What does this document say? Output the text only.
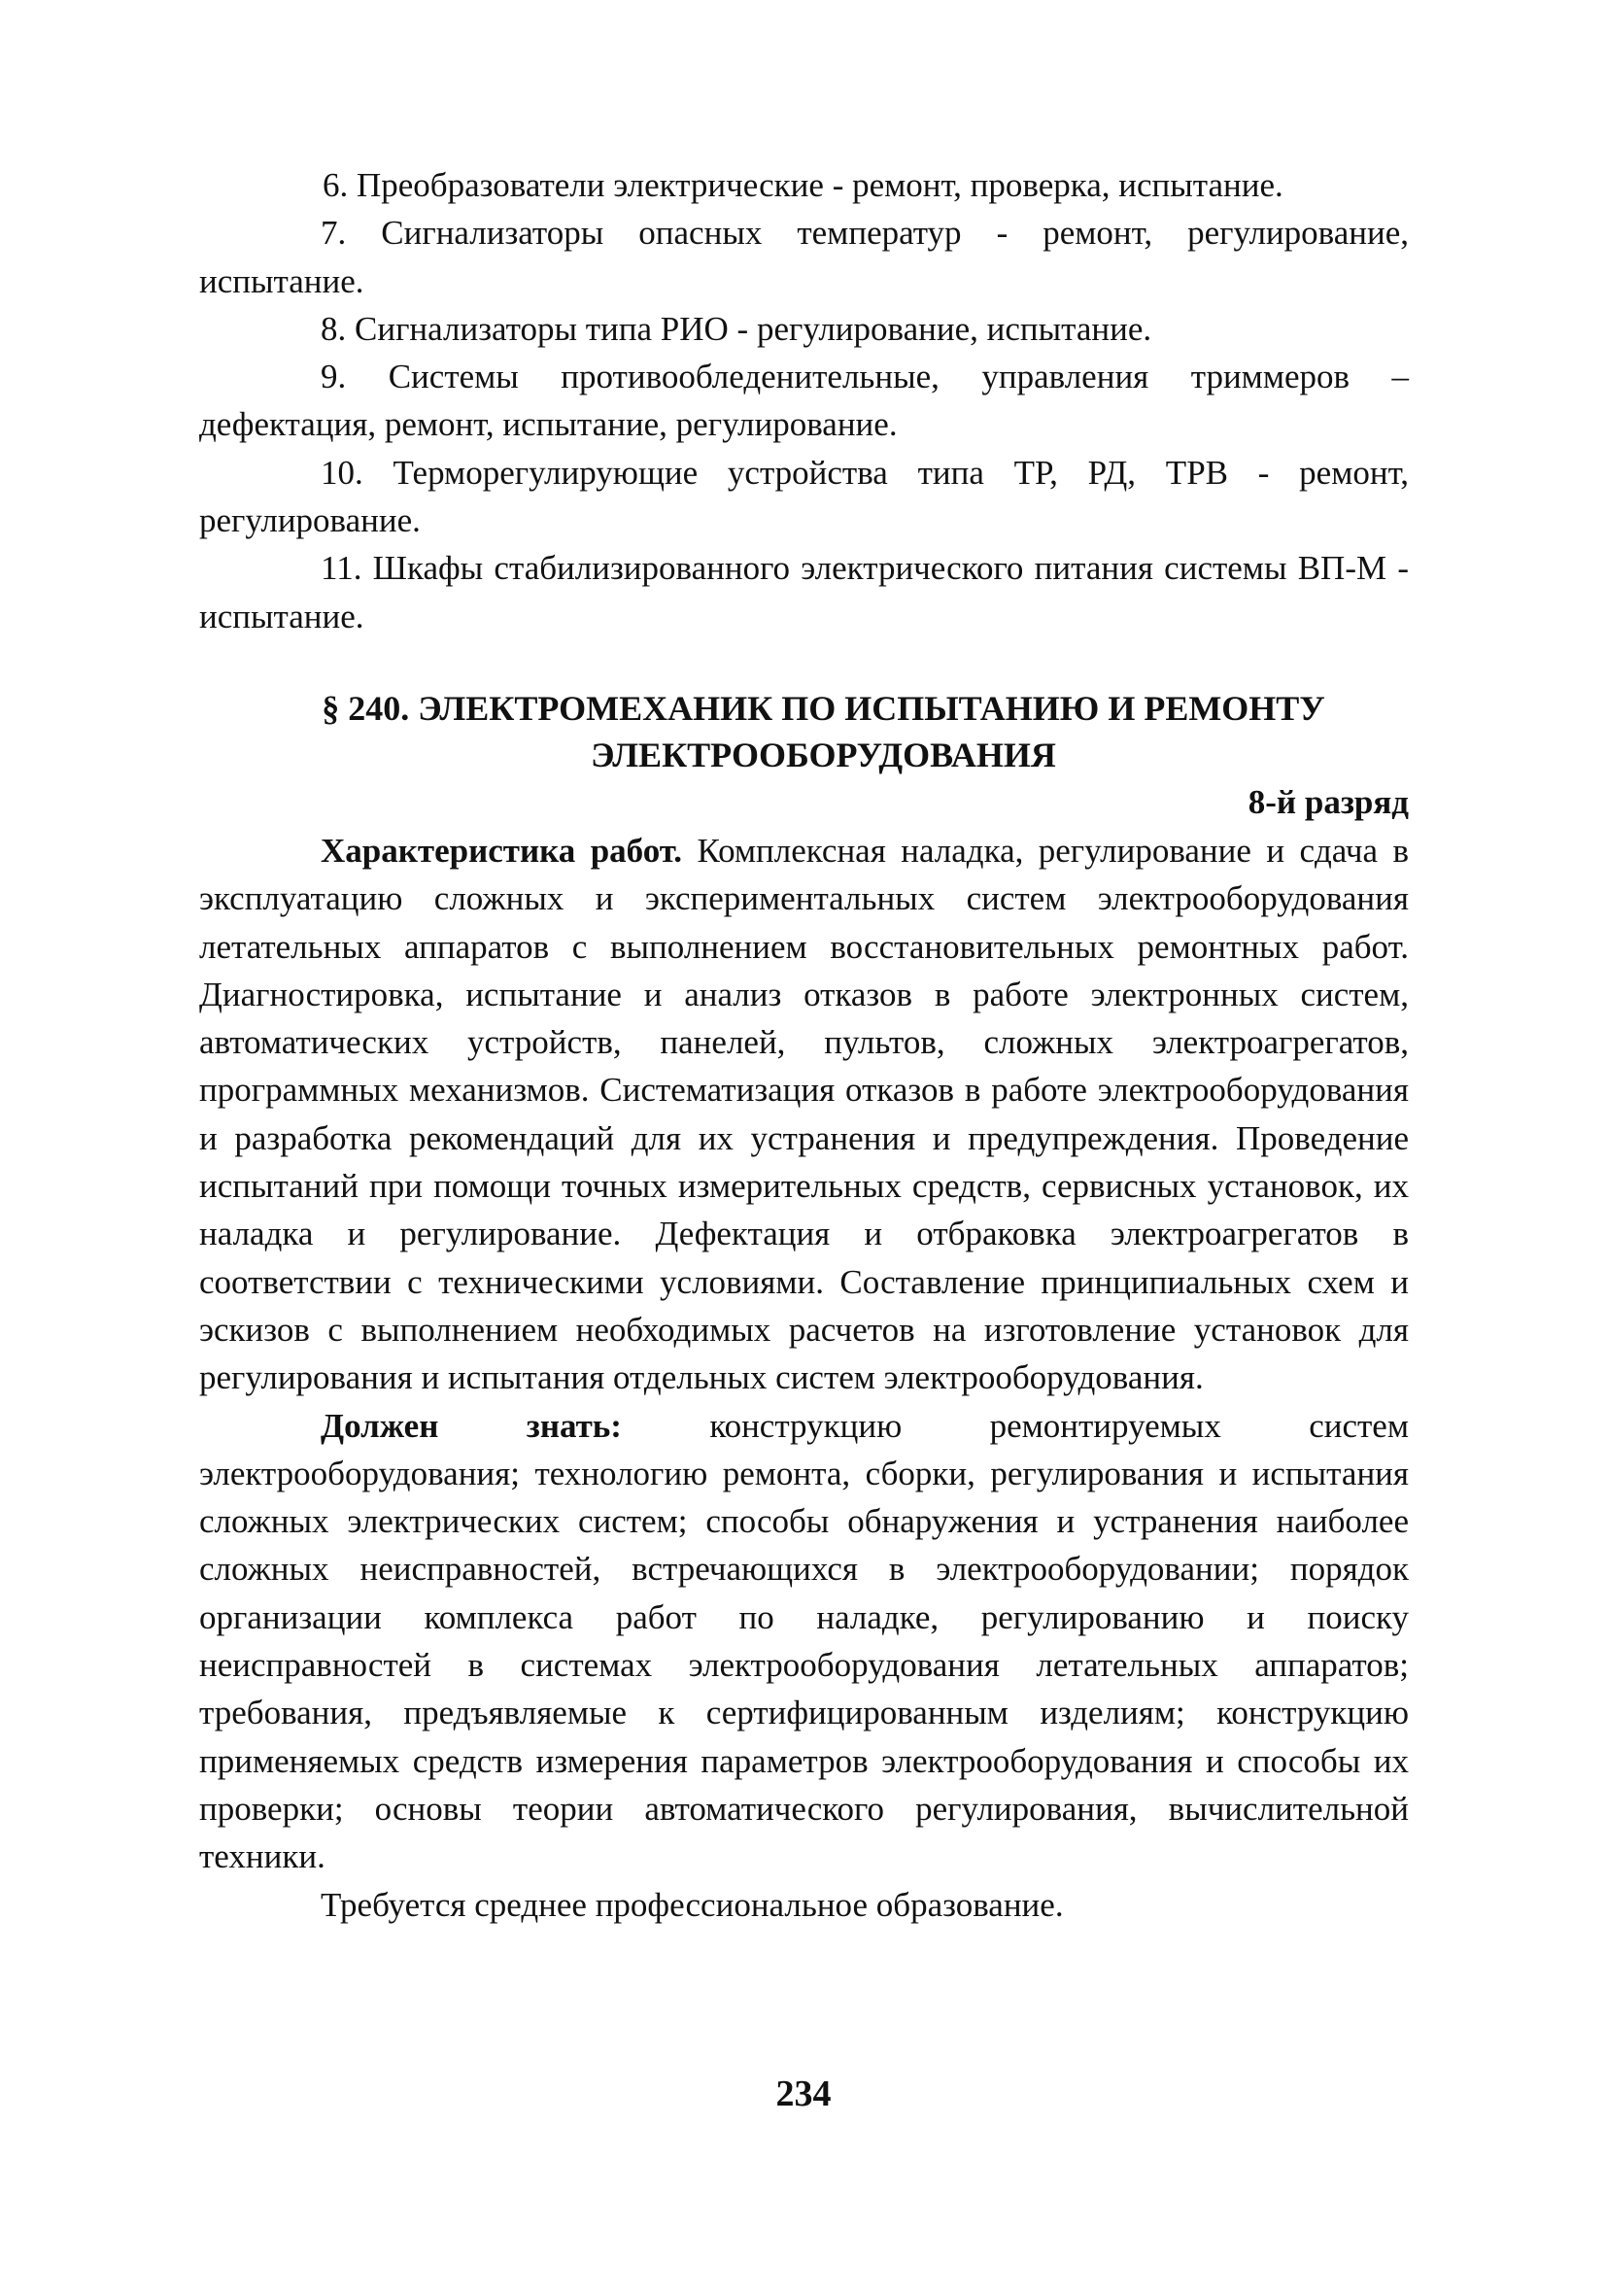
6. Преобразователи электрические - ремонт, проверка, испытание.

7. Сигнализаторы опасных температур - ремонт, регулирование, испытание.

8. Сигнализаторы типа РИО - регулирование, испытание.

9. Системы противообледенительные, управления триммеров – дефектация, ремонт, испытание, регулирование.

10. Терморегулирующие устройства типа ТР, РД, ТРВ - ремонт, регулирование.

11. Шкафы стабилизированного электрического питания системы ВП-М - испытание.

§ 240. ЭЛЕКТРОМЕХАНИК ПО ИСПЫТАНИЮ И РЕМОНТУ ЭЛЕКТРООБОРУДОВАНИЯ
8-й разряд

Характеристика работ. Комплексная наладка, регулирование и сдача в эксплуатацию сложных и экспериментальных систем электрооборудования летательных аппаратов с выполнением восстановительных ремонтных работ. Диагностировка, испытание и анализ отказов в работе электронных систем, автоматических устройств, панелей, пультов, сложных электроагрегатов, программных механизмов. Систематизация отказов в работе электрооборудования и разработка рекомендаций для их устранения и предупреждения. Проведение испытаний при помощи точных измерительных средств, сервисных установок, их наладка и регулирование. Дефектация и отбраковка электроагрегатов в соответствии с техническими условиями. Составление принципиальных схем и эскизов с выполнением необходимых расчетов на изготовление установок для регулирования и испытания отдельных систем электрооборудования.

Должен знать:	конструкцию ремонтируемых систем электрооборудования; технологию ремонта, сборки, регулирования и испытания сложных электрических систем; способы обнаружения и устранения наиболее сложных неисправностей, встречающихся в электрооборудовании; порядок организации комплекса работ по наладке, регулированию и поиску неисправностей в системах электрооборудования летательных аппаратов; требования, предъявляемые к сертифицированным изделиям; конструкцию применяемых средств измерения параметров электрооборудования и способы их проверки; основы теории автоматического регулирования, вычислительной техники.

Требуется среднее профессиональное образование.

234
